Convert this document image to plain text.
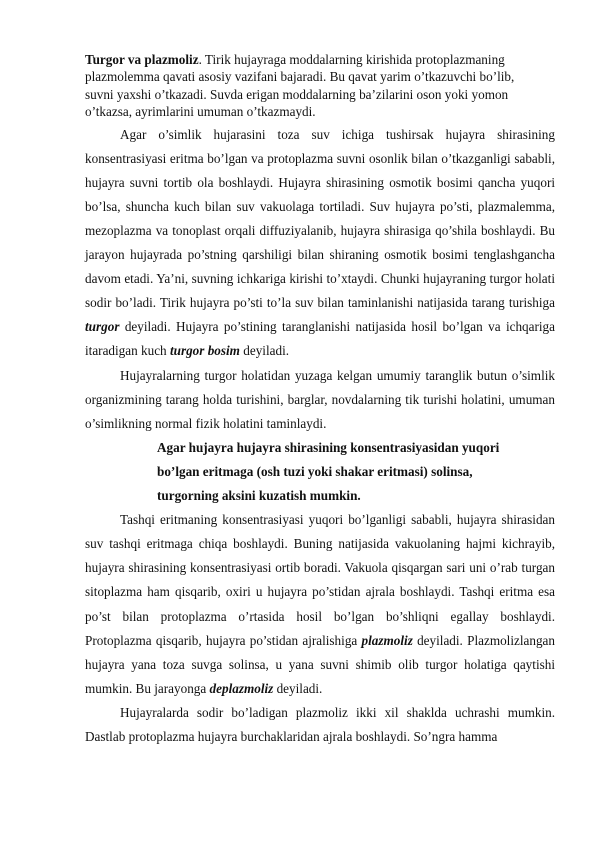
Turgor va plazmoliz. Tirik hujayraga moddalarning kirishida protoplazmaning plazmolemma qavati asosiy vazifani bajaradi. Bu qavat yarim o’tkazuvchi bo’lib, suvni yaxshi o’tkazadi. Suvda erigan moddalarning ba’zilarini oson yoki yomon o’tkazsa, ayrimlarini umuman o’tkazmaydi.

Agar o’simlik hujarasini toza suv ichiga tushirsak hujayra shirasining konsentrasiyasi eritma bo’lgan va protoplazma suvni osonlik bilan o’tkazganligi sababli, hujayra suvni tortib ola boshlaydi. Hujayra shirasining osmotik bosimi qancha yuqori bo’lsa, shuncha kuch bilan suv vakuolaga tortiladi. Suv hujayra po’sti, plazmalemma, mezoplazma va tonoplast orqali diffuziyalanib, hujayra shirasiga qo’shila boshlaydi. Bu jarayon hujayrada po’stning qarshiligi bilan shiraning osmotik bosimi tenglashgancha davom etadi. Ya’ni, suvning ichkariga kirishi to’xtaydi. Chunki hujayraning turgor holati sodir bo’ladi. Tirik hujayra po’sti to’la suv bilan taminlanishi natijasida tarang turishiga turgor deyiladi. Hujayra po’stining taranglanishi natijasida hosil bo’lgan va ichqariga itaradigan kuch turgor bosim deyiladi.

Hujayralarning turgor holatidan yuzaga kelgan umumiy taranglik butun o’simlik organizmining tarang holda turishini, barglar, novdalarning tik turishi holatini, umuman o’simlikning normal fizik holatini taminlaydi.

Agar hujayra hujayra shirasining konsentrasiyasidan yuqori
bo’lgan eritmaga (osh tuzi yoki shakar eritmasi) solinsa,
turgorning aksini kuzatish mumkin.

Tashqi eritmaning konsentrasiyasi yuqori bo’lganligi sababli, hujayra shirasidan suv tashqi eritmaga chiqa boshlaydi. Buning natijasida vakuolaning hajmi kichrayib, hujayra shirasining konsentrasiyasi ortib boradi. Vakuola qisqargan sari uni o’rab turgan sitoplazma ham qisqarib, oxiri u hujayra po’stidan ajrala boshlaydi. Tashqi eritma esa po’st bilan protoplazma o’rtasida hosil bo’lgan bo’shliqni egallay boshlaydi. Protoplazma qisqarib, hujayra po’stidan ajralishiga plazmoliz deyiladi. Plazmolizlangan hujayra yana toza suvga solinsa, u yana suvni shimib olib turgor holatiga qaytishi mumkin. Bu jarayonga deplazmoliz deyiladi.

Hujayralarda sodir bo’ladigan plazmoliz ikki xil shaklda uchrashi mumkin. Dastlab protoplazma hujayra burchaklaridan ajrala boshlaydi. So’ngra hamma
